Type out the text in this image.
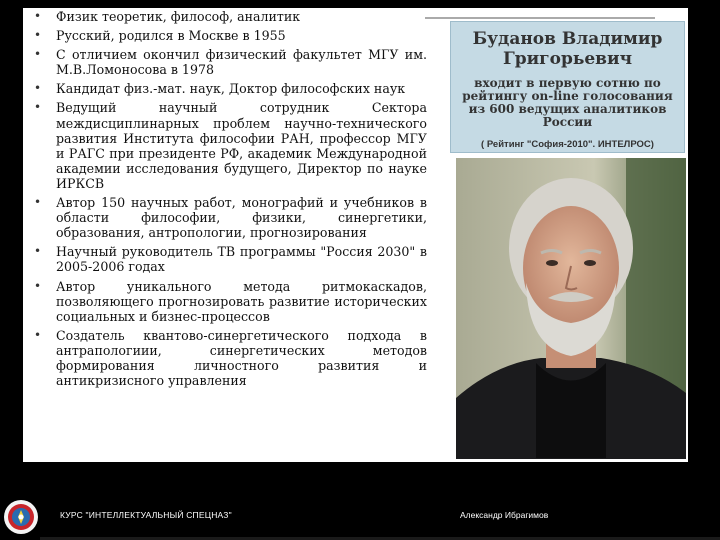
• Физик теоретик, философ, аналитик
• Русский, родился в Москве в 1955
• С отличием окончил физический факультет МГУ им. М.В.Ломоносова в 1978
• Кандидат физ.-мат. наук, Доктор философских наук
• Ведущий научный сотрудник Сектора междисциплинарных проблем научно-технического развития Института философии РАН, профессор МГУ и РАГС при президенте РФ, академик Международной академии исследования будущего, Директор по науке ИРКСВ
• Автор 150 научных работ, монографий и учебников в области философии, физики, синергетики, образования, антропологии, прогнозирования
• Научный руководитель ТВ программы "Россия 2030" в 2005-2006 годах
• Автор уникального метода ритмокаскадов, позволяющего прогнозировать развитие исторических социальных и бизнес-процессов
• Создатель квантово-синергетического подхода в антрапологиии, синергетических методов формирования личностного развития и антикризисного управления
Буданов Владимир
Григорьевич
входит в первую сотню по
рейтингу on-line голосования
из 600 ведущих аналитиков
России
( Рейтинг "София-2010". ИНТЕЛРОС)
КУРС "ИНТЕЛЛЕКТУАЛЬНЫЙ СПЕЦНАЗ"	Александр Ибрагимов
